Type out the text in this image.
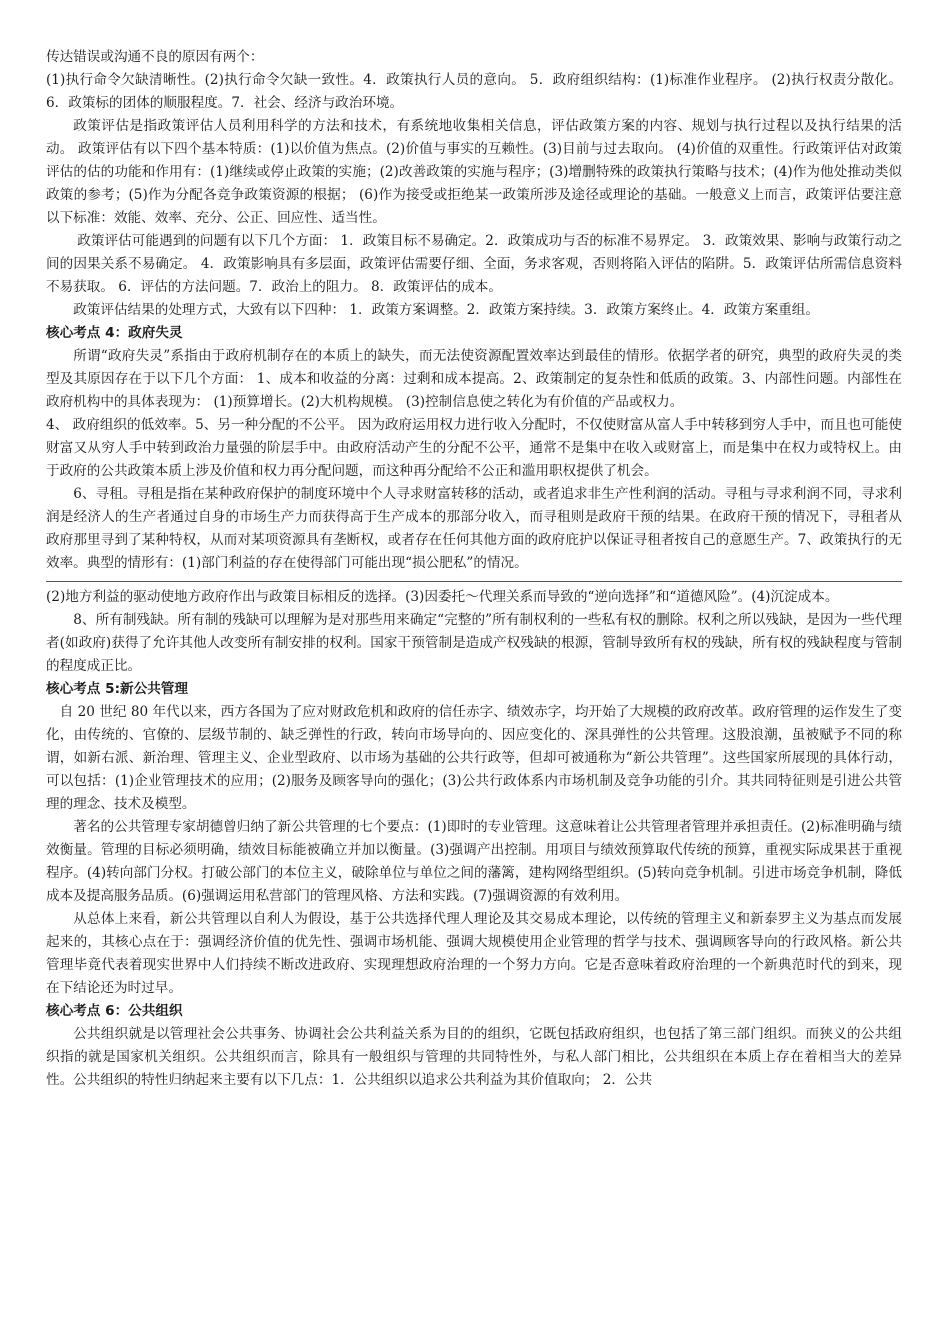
传达错误或沟通不良的原因有两个：

(1)执行命令欠缺清晰性。(2)执行命令欠缺一致性。4．政策执行人员的意向。 5．政府组织结构：(1)标准作业程序。 (2)执行权责分散化。 6．政策标的团体的顺服程度。7．社会、经济与政治环境。

政策评估是指政策评估人员利用科学的方法和技术，有系统地收集相关信息，评估政策方案的内容、规划与执行过程以及执行结果的活动。 政策评估有以下四个基本特质：(1)以价值为焦点。(2)价值与事实的互赖性。(3)目前与过去取向。 (4)价值的双重性。行政策评估对政策评估的估的功能和作用有：(1)继续或停止政策的实施；(2)改善政策的实施与程序；(3)增删特殊的政策执行策略与技术；(4)作为他处推动类似政策的参考；(5)作为分配各竞争政策资源的根据； (6)作为接受或拒绝某一政策所涉及途径或理论的基础。一般意义上而言，政策评估要注意以下标准：效能、效率、充分、公正、回应性、适当性。

政策评估可能遇到的问题有以下几个方面： 1．政策目标不易确定。2．政策成功与否的标准不易界定。 3．政策效果、影响与政策行动之间的因果关系不易确定。 4．政策影响具有多层面，政策评估需要仔细、全面，务求客观，否则将陷入评估的陷阱。5．政策评估所需信息资料不易获取。 6．评估的方法问题。7．政治上的阻力。 8．政策评估的成本。

政策评估结果的处理方式，大致有以下四种： 1．政策方案调整。2．政策方案持续。3．政策方案终止。4．政策方案重组。

核心考点 4：政府失灵

所谓“政府失灵”系指由于政府机制存在的本质上的缺失，而无法使资源配置效率达到最佳的情形。依据学者的研究，典型的政府失灵的类型及其原因存在于以下几个方面： 1、成本和收益的分离：过剩和成本提高。2、政策制定的复杂性和低质的政策。3、内部性问题。内部性在政府机构中的具体表现为： (1)预算增长。(2)大机构规模。 (3)控制信息使之转化为有价值的产品或权力。

4、 政府组织的低效率。5、另一种分配的不公平。 因为政府运用权力进行收入分配时，不仅使财富从富人手中转移到穷人手中，而且也可能使财富又从穷人手中转到政治力量强的阶层手中。由政府活动产生的分配不公平，通常不是集中在收入或财富上，而是集中在权力或特权上。由于政府的公共政策本质上涉及价值和权力再分配问题，而这种再分配给不公正和滥用职权提供了机会。

6、寻租。寻租是指在某种政府保护的制度环境中个人寻求财富转移的活动，或者追求非生产性利润的活动。寻租与寻求利润不同，寻求利润是经济人的生产者通过自身的市场生产力而获得高于生产成本的那部分收入，而寻租则是政府干预的结果。在政府干预的情况下，寻租者从政府那里寻到了某种特权，从而对某项资源具有垄断权，或者存在任何其他方面的政府庇护以保证寻租者按自己的意愿生产。7、政策执行的无效率。典型的情形有：(1)部门利益的存在使得部门可能出现“损公肥私”的情况。

(2)地方利益的驱动使地方政府作出与政策目标相反的选择。(3)因委托～代理关系而导致的“逆向选择”和“道德风险”。(4)沉淀成本。

8、所有制残缺。所有制的残缺可以理解为是对那些用来确定“完整的”所有制权利的一些私有权的删除。权利之所以残缺，是因为一些代理者(如政府)获得了允许其他人改变所有制安排的权利。国家干预管制是造成产权残缺的根源，管制导致所有权的残缺，所有权的残缺程度与管制的程度成正比。

核心考点 5:新公共管理

自 20 世纪 80 年代以来，西方各国为了应对财政危机和政府的信任赤字、绩效赤字，均开始了大规模的政府改革。政府管理的运作发生了变化，由传统的、官僚的、层级节制的、缺乏弹性的行政，转向市场导向的、因应变化的、深具弹性的公共管理。这股浪潮，虽被赋予不同的称谓，如新右派、新治理、管理主义、企业型政府、以市场为基础的公共行政等，但却可被通称为“新公共管理”。这些国家所展现的具体行动，可以包括：(1)企业管理技术的应用；(2)服务及顾客导向的强化；(3)公共行政体系内市场机制及竞争功能的引介。其共同特征则是引进公共管理的理念、技术及模型。

著名的公共管理专家胡德曾归纳了新公共管理的七个要点：(1)即时的专业管理。这意味着让公共管理者管理并承担责任。(2)标准明确与绩效衡量。管理的目标必须明确，绩效目标能被确立并加以衡量。(3)强调产出控制。用项目与绩效预算取代传统的预算，重视实际成果甚于重视程序。(4)转向部门分权。打破公部门的本位主义，破除单位与单位之间的藩篱，建构网络型组织。(5)转向竞争机制。引进市场竞争机制，降低成本及提高服务品质。(6)强调运用私营部门的管理风格、方法和实践。(7)强调资源的有效利用。

从总体上来看，新公共管理以自利人为假设，基于公共选择代理人理论及其交易成本理论，以传统的管理主义和新泰罗主义为基点而发展起来的，其核心点在于：强调经济价值的优先性、强调市场机能、强调大规模使用企业管理的哲学与技术、强调顾客导向的行政风格。新公共管理毕竟代表着现实世界中人们持续不断改进政府、实现理想政府治理的一个努力方向。它是否意味着政府治理的一个新典范时代的到来，现在下结论还为时过早。

核心考点 6：公共组织

公共组织就是以管理社会公共事务、协调社会公共利益关系为目的的组织，它既包括政府组织，也包括了第三部门组织。而狭义的公共组织指的就是国家机关组织。公共组织而言，除具有一般组织与管理的共同特性外，与私人部门相比，公共组织在本质上存在着相当大的差异性。公共组织的特性归纳起来主要有以下几点：1．公共组织以追求公共利益为其价值取向； 2．公共
